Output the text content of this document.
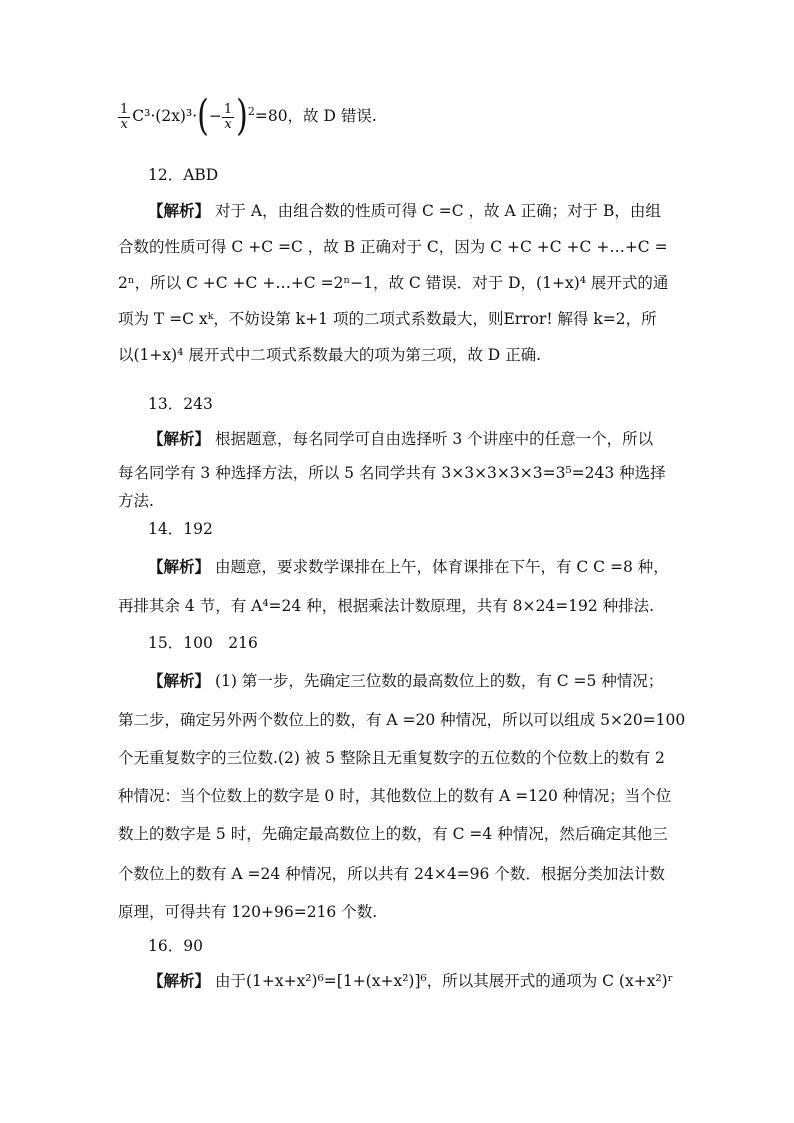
$\frac{1}{x} C^3\cdot(2x)^3\cdot(- \frac{1}{x} )^2=80$，故 D 错误.
12．ABD
【解析】 对于 A，由组合数的性质可得 C =C ，故 A 正确；对于 B，由组
合数的性质可得 C +C =C ，故 B 正确对于 C，因为 C +C +C +C +…+C =
2ⁿ，所以 C +C +C +…+C =2ⁿ−1，故 C 错误．对于 D，(1+x)⁴ 展开式的通
项为 T =C xᵏ，不妨设第 k+1 项的二项式系数最大，则Error! 解得 k=2，所
以(1+x)⁴ 展开式中二项式系数最大的项为第三项，故 D 正确.
13．243
【解析】 根据题意，每名同学可自由选择听 3 个讲座中的任意一个，所以
每名同学有 3 种选择方法，所以 5 名同学共有 3×3×3×3×3=3⁵=243 种选择
方法.
14．192
【解析】 由题意，要求数学课排在上午，体育课排在下午，有 C C =8 种，
再排其余 4 节，有 A⁴=24 种，根据乘法计数原理，共有 8×24=192 种排法.
15．100　216
【解析】 (1) 第一步，先确定三位数的最高数位上的数，有 C =5 种情况；
第二步，确定另外两个数位上的数，有 A =20 种情况，所以可以组成 5×20=100
个无重复数字的三位数.(2) 被 5 整除且无重复数字的五位数的个位数上的数有 2
种情况：当个位数上的数字是 0 时，其他数位上的数有 A =120 种情况；当个位
数上的数字是 5 时，先确定最高数位上的数，有 C =4 种情况，然后确定其他三
个数位上的数有 A =24 种情况，所以共有 24×4=96 个数．根据分类加法计数
原理，可得共有 120+96=216 个数.
16．90
【解析】 由于(1+x+x²)⁶=[1+(x+x²)]⁶，所以其展开式的通项为 C (x+x²)ʳ
